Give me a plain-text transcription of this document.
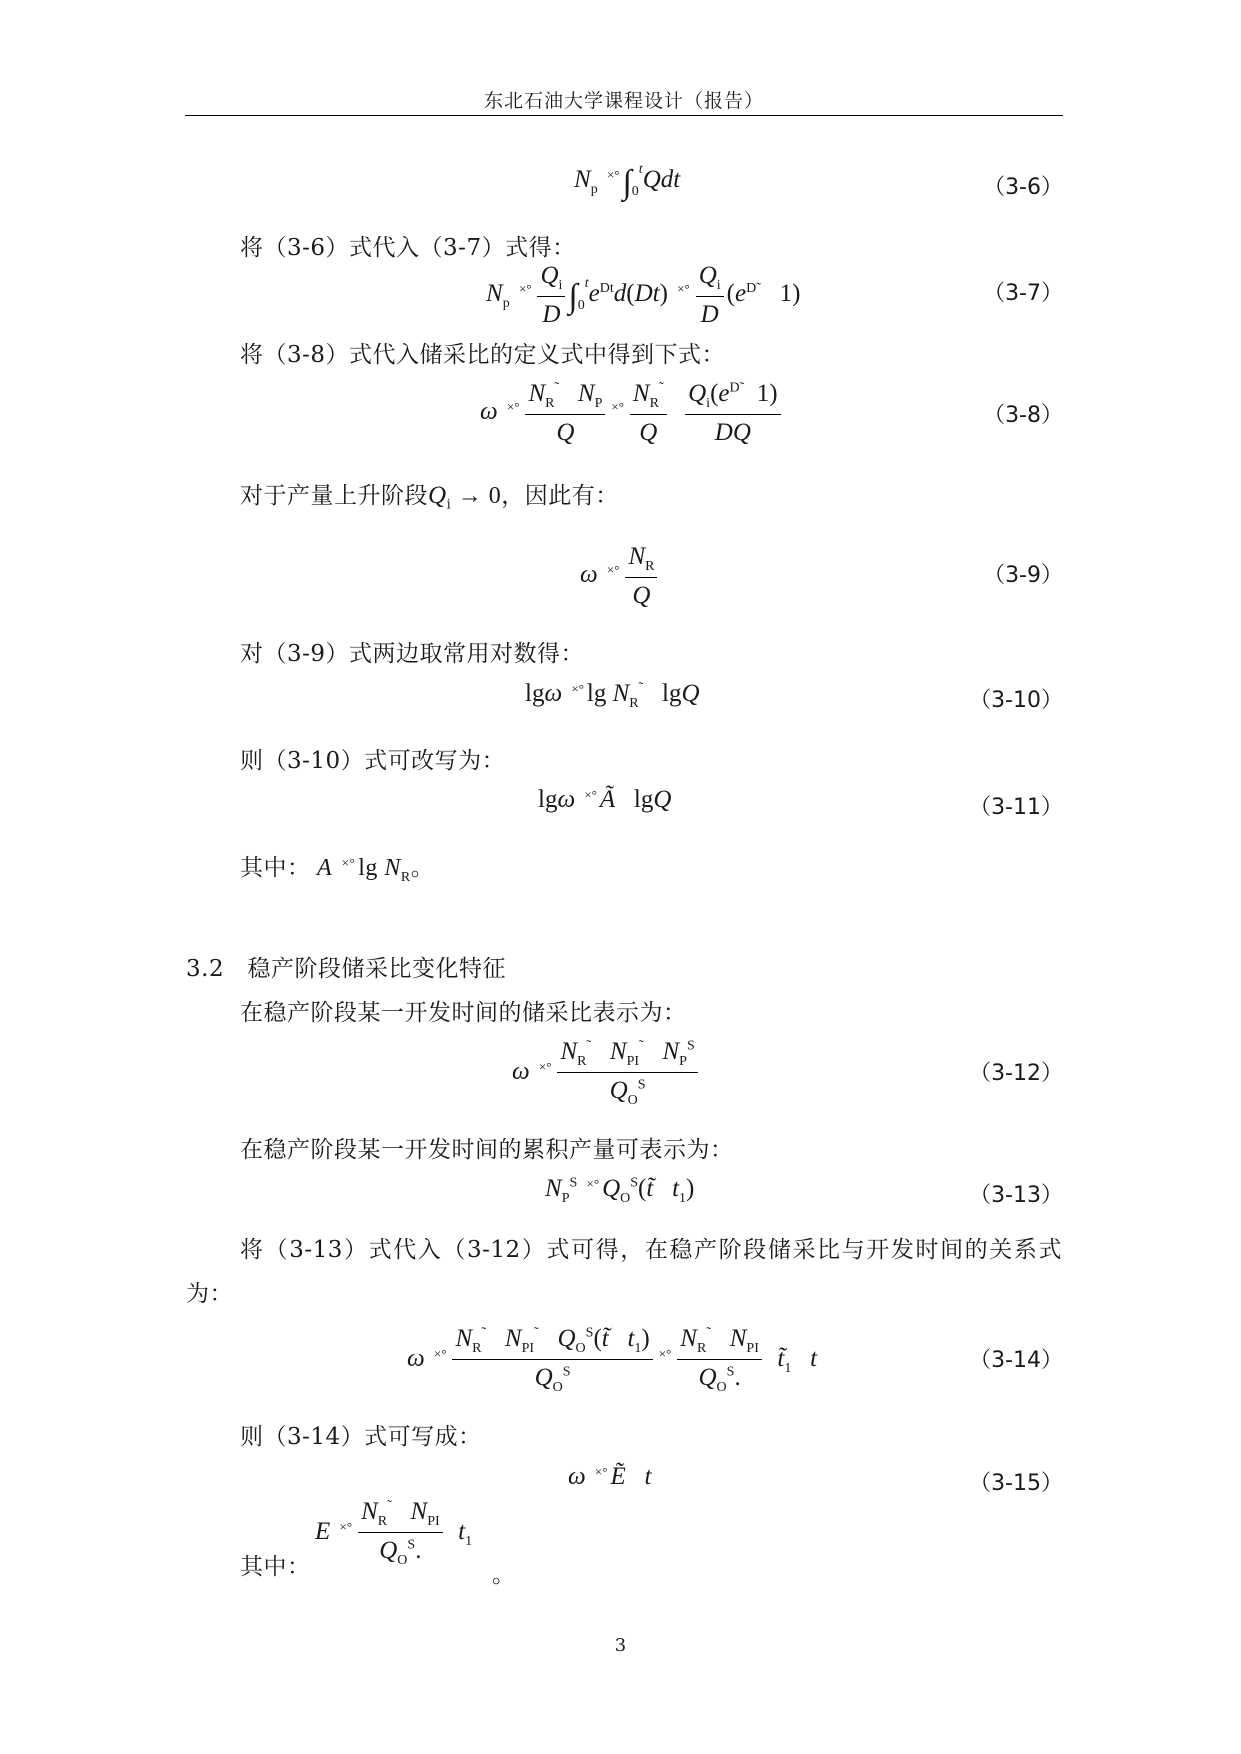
东北石油大学课程设计（报告）
$N_p$ $^{\times^\circ}\int_0^tQdt$	（3-6）
将（3-6）式代入（3-7）式得：
$N_p$ $^{\times^\circ} \frac{Q_i}{D} \int_0^te^{Dt}d(Dt)$ $^{\times^\circ} \frac{Q_i}{D} (e^{D˜}$   1)	（3-7）
将（3-8）式代入储采比的定义式中得到下式：
ω $^{\times^\circ} \frac{N_R^˜ N_P}{Q} ^{\times^\circ} \frac{N_R^˜}{Q}$
$\frac{Q_i(e^{D˜} 1)}{DQ}$	（3-8）
对于产量上升阶段$Q_i \to 0$，因此有：
ω $^{\times^\circ} \frac{N_R}{Q}$	（3-9）
对（3-9）式两边取常用对数得：
lgω ×° $\lg N_R^˜$   lgQ	（3-10）
则（3-10）式可改写为：
lgω ×° Ã   lgQ	（3-11）
其中： A ×° $\lg N_R$。
3.2   稳产阶段储采比变化特征
在稳产阶段某一开发时间的储采比表示为：
ω $^{\times^\circ} \frac{N_R^˜ N_{PI}^˜ N_P^S}{Q_O^S}$	（3-12）
在稳产阶段某一开发时间的累积产量可表示为：
$N_P^S$ ×° $Q_O^S(t̃$ $t_1$)	（3-13）
将（3-13）式代入（3-12）式可得，在稳产阶段储采比与开发时间的关系式为：
ω $^{\times^\circ} \frac{N_R^˜ N_{PI}^˜ Q_O^S(t̃ t_1)}{Q_O^S} ^{\times^\circ} \frac{N_R^˜ N_{PI}}{Q_O^S.}$ $t̃_1$ t	（3-14）
则（3-14）式可写成：
ω ×° Ẽ t	（3-15）
其中：
E $^{\times^\circ} \frac{N_R^˜ N_{PI}}{Q_O^S.} t_1$
。
3
